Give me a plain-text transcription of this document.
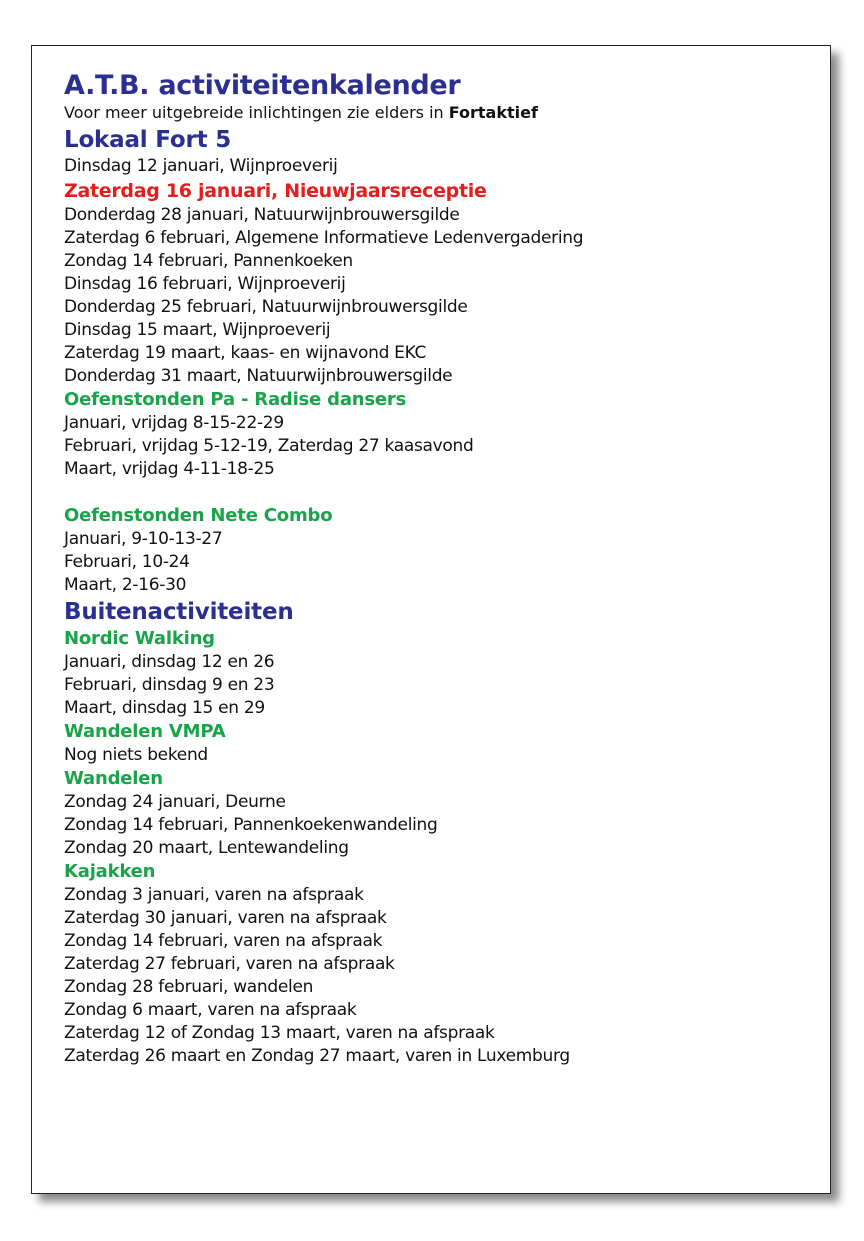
A.T.B. activiteitenkalender

Voor meer uitgebreide inlichtingen zie elders in Fortaktief

Lokaal Fort 5

Dinsdag 12 januari, Wijnproeverij

Zaterdag 16 januari, Nieuwjaarsreceptie

Donderdag 28 januari, Natuurwijnbrouwersgilde

Zaterdag 6 februari, Algemene Informatieve Ledenvergadering

Zondag 14 februari, Pannenkoeken

Dinsdag 16 februari, Wijnproeverij

Donderdag 25 februari, Natuurwijnbrouwersgilde

Dinsdag 15 maart, Wijnproeverij

Zaterdag 19 maart, kaas- en wijnavond EKC

Donderdag 31 maart, Natuurwijnbrouwersgilde

Oefenstonden Pa - Radise dansers

Januari, vrijdag 8-15-22-29

Februari, vrijdag 5-12-19, Zaterdag 27 kaasavond

Maart, vrijdag 4-11-18-25

Oefenstonden Nete Combo

Januari, 9-10-13-27

Februari, 10-24

Maart, 2-16-30

Buitenactiviteiten
Nordic Walking

Januari, dinsdag 12 en 26

Februari, dinsdag 9 en 23

Maart, dinsdag 15 en 29

Wandelen VMPA

Nog niets bekend

Wandelen

Zondag 24 januari, Deurne

Zondag 14 februari, Pannenkoekenwandeling

Zondag 20 maart, Lentewandeling

Kajakken

Zondag 3 januari, varen na afspraak

Zaterdag 30 januari, varen na afspraak

Zondag 14 februari, varen na afspraak

Zaterdag 27 februari, varen na afspraak

Zondag 28 februari, wandelen

Zondag 6 maart, varen na afspraak

Zaterdag 12 of Zondag 13 maart, varen na afspraak

Zaterdag 26 maart en Zondag 27 maart, varen in Luxemburg
